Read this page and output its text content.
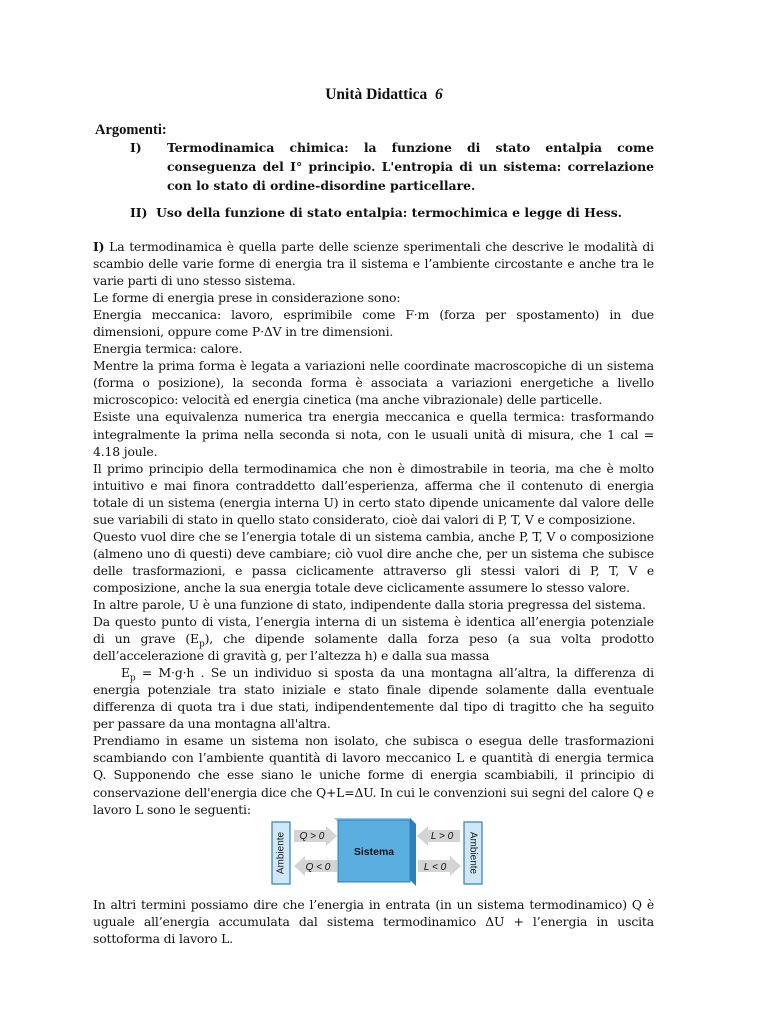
Unità Didattica 6
Argomenti:
I) Termodinamica chimica: la funzione di stato entalpia come conseguenza del I° principio. L'entropia di un sistema: correlazione con lo stato di ordine-disordine particellare.
II) Uso della funzione di stato entalpia: termochimica e legge di Hess.

I) La termodinamica è quella parte delle scienze sperimentali che descrive le modalità di scambio delle varie forme di energia tra il sistema e l’ambiente circostante e anche tra le varie parti di uno stesso sistema.

Le forme di energia prese in considerazione sono:

Energia meccanica: lavoro, esprimibile come F·m (forza per spostamento) in due dimensioni, oppure come P·ΔV in tre dimensioni.

Energia termica: calore.

Mentre la prima forma è legata a variazioni nelle coordinate macroscopiche di un sistema (forma o posizione), la seconda forma è associata a variazioni energetiche a livello microscopico: velocità ed energia cinetica (ma anche vibrazionale) delle particelle.

Esiste una equivalenza numerica tra energia meccanica e quella termica: trasformando integralmente la prima nella seconda si nota, con le usuali unità di misura, che 1 cal = 4.18 joule.

Il primo principio della termodinamica che non è dimostrabile in teoria, ma che è molto intuitivo e mai finora contraddetto dall’esperienza, afferma che il contenuto di energia totale di un sistema (energia interna U) in certo stato dipende unicamente dal valore delle sue variabili di stato in quello stato considerato, cioè dai valori di P, T, V e composizione.

Questo vuol dire che se l’energia totale di un sistema cambia, anche P, T, V o composizione (almeno uno di questi) deve cambiare; ciò vuol dire anche che, per un sistema che subisce delle trasformazioni, e passa ciclicamente attraverso gli stessi valori di P, T, V e composizione, anche la sua energia totale deve ciclicamente assumere lo stesso valore.

In altre parole, U è una funzione di stato, indipendente dalla storia pregressa del sistema.

Da questo punto di vista, l’energia interna di un sistema è identica all’energia potenziale di un grave $(E_p)$, che dipende solamente dalla forza peso (a sua volta prodotto dell’accelerazione di gravità g, per l’altezza h) e dalla sua massa

$E_p = M\cdot g\cdot h$ . Se un individuo si sposta da una montagna all’altra, la differenza di energia potenziale tra stato iniziale e stato finale dipende solamente dalla eventuale differenza di quota tra i due stati, indipendentemente dal tipo di tragitto che ha seguito per passare da una montagna all'altra.

Prendiamo in esame un sistema non isolato, che subisca o esegua delle trasformazioni scambiando con l’ambiente quantità di lavoro meccanico L e quantità di energia termica Q. Supponendo che esse siano le uniche forme di energia scambiabili, il principio di conservazione dell'energia dice che Q+L=ΔU. In cui le convenzioni sui segni del calore Q e lavoro L sono le seguenti:

Ambiente	Ambiente
Q > 0
Q < 0
Sistema
L > 0
L < 0

In altri termini possiamo dire che l’energia in entrata (in un sistema termodinamico) Q è uguale all’energia accumulata dal sistema termodinamico ΔU + l’energia in uscita sottoforma di lavoro L.
